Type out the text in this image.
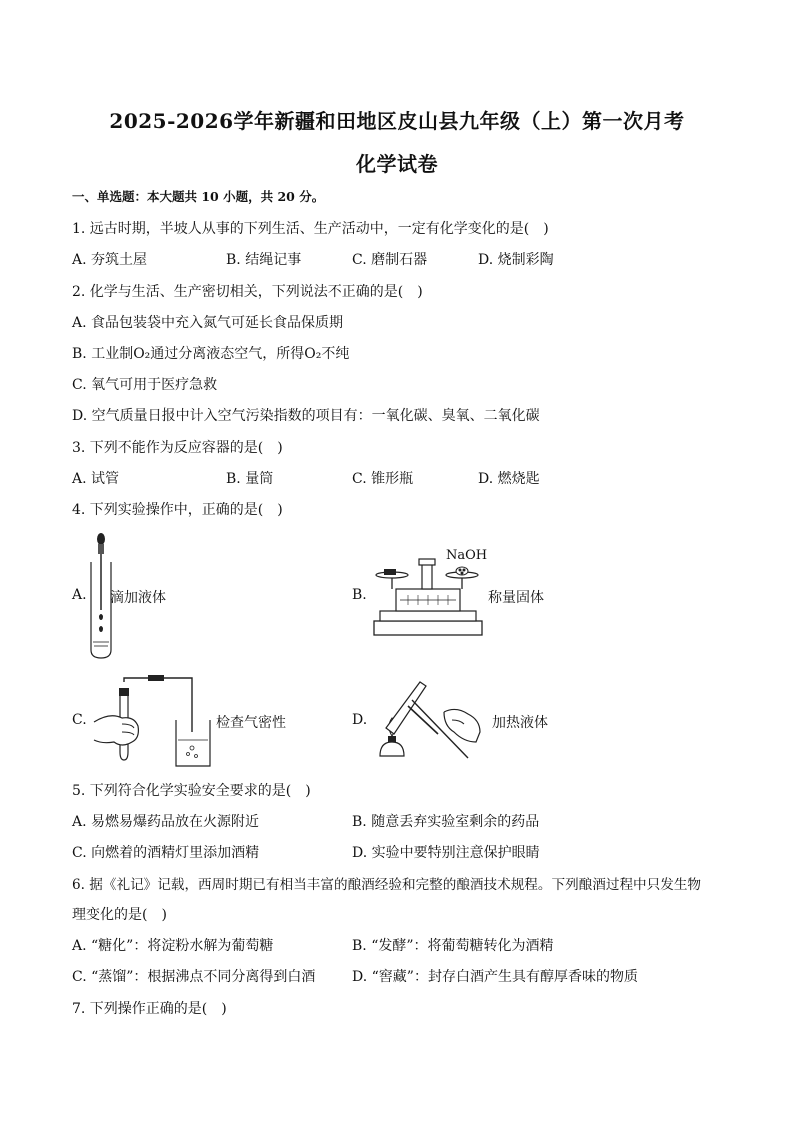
2025-2026学年新疆和田地区皮山县九年级（上）第一次月考
化学试卷
一、单选题：本大题共 10 小题，共 20 分。
1. 远古时期，半坡人从事的下列生活、生产活动中，一定有化学变化的是(　)
A. 夯筑土屋	B. 结绳记事	C. 磨制石器	D. 烧制彩陶
2. 化学与生活、生产密切相关，下列说法不正确的是(　)
A. 食品包装袋中充入氮气可延长食品保质期
B. 工业制O₂通过分离液态空气，所得O₂不纯
C. 氧气可用于医疗急救
D. 空气质量日报中计入空气污染指数的项目有：一氧化碳、臭氧、二氧化碳
3. 下列不能作为反应容器的是(　)
A. 试管	B. 量筒	C. 锥形瓶	D. 燃烧匙
4. 下列实验操作中，正确的是(　)
A. 滴加液体	B.
NaOH
称量固体
C.	检查气密性	D.	加热液体
5. 下列符合化学实验安全要求的是(　)
A. 易燃易爆药品放在火源附近	B. 随意丢弃实验室剩余的药品
C. 向燃着的酒精灯里添加酒精	D. 实验中要特别注意保护眼睛
6. 据《礼记》记载，西周时期已有相当丰富的酿酒经验和完整的酿酒技术规程。下列酿酒过程中只发生物
理变化的是(　)
A. “糖化”：将淀粉水解为葡萄糖	B. “发酵”：将葡萄糖转化为酒精
C. “蒸馏”：根据沸点不同分离得到白酒	D. “窖藏”：封存白酒产生具有醇厚香味的物质
7. 下列操作正确的是(　)
